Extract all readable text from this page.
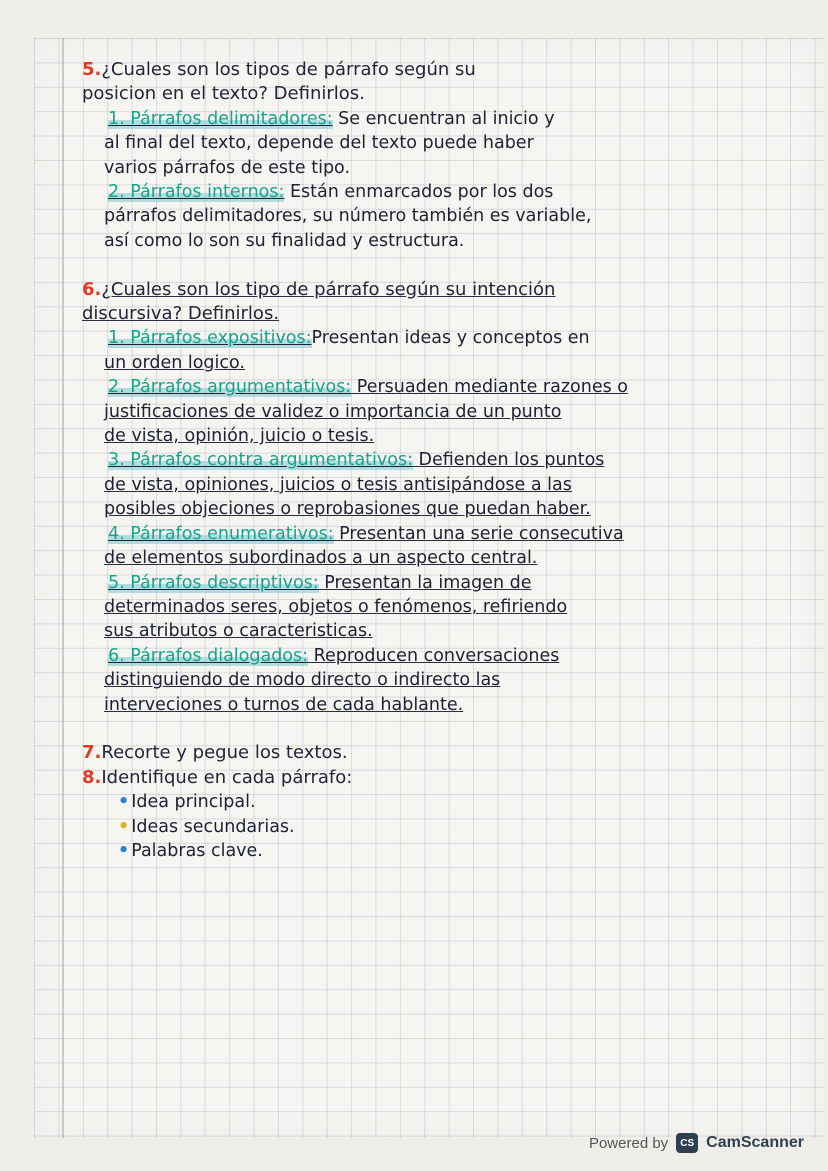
5.¿Cuales son los tipos de párrafo según su
posicion en el texto? Definirlos.
1. Párrafos delimitadores: Se encuentran al inicio y
al final del texto, depende del texto puede haber
varios párrafos de este tipo.
2. Párrafos internos: Están enmarcados por los dos
párrafos delimitadores, su número también es variable,
así como lo son su finalidad y estructura.
6.¿Cuales son los tipo de párrafo según su intención
discursiva? Definirlos.
1. Párrafos expositivos:Presentan ideas y conceptos en
un orden logico.
2. Párrafos argumentativos: Persuaden mediante razones o
justificaciones de validez o importancia de un punto
de vista, opinión, juicio o tesis.
3. Párrafos contra argumentativos: Defienden los puntos
de vista, opiniones, juicios o tesis antisipándose a las
posibles objeciones o reprobasiones que puedan haber.
4. Párrafos enumerativos: Presentan una serie consecutiva
de elementos subordinados a un aspecto central.
5. Párrafos descriptivos: Presentan la imagen de
determinados seres, objetos o fenómenos, refiriendo
sus atributos o caracteristicas.
6. Párrafos dialogados: Reproducen conversaciones
distinguiendo de modo directo o indirecto las
interveciones o turnos de cada hablante.
7.Recorte y pegue los textos.
8.Identifique en cada párrafo:
• Idea principal.
• Ideas secundarias.
• Palabras clave.
Powered by	CS CamScanner
